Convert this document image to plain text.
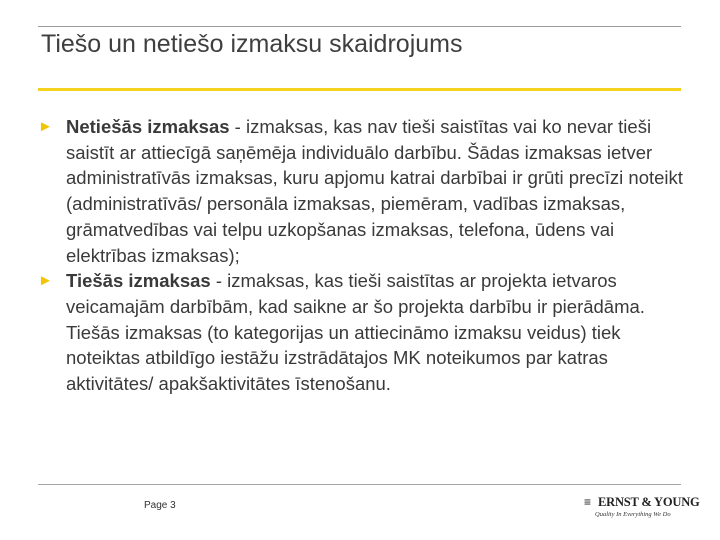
Tiešo un netiešo izmaksu skaidrojums
► Netiešās izmaksas - izmaksas, kas nav tieši saistītas vai ko nevar tieši saistīt ar attiecīgā saņēmēja individuālo darbību. Šādas izmaksas ietver administratīvās izmaksas, kuru apjomu katrai darbībai ir grūti precīzi noteikt (administratīvās/ personāla izmaksas, piemēram, vadības izmaksas, grāmatvedības vai telpu uzkopšanas izmaksas, telefona, ūdens vai elektrības izmaksas);
► Tiešās izmaksas - izmaksas, kas tieši saistītas ar projekta ietvaros veicamajām darbībām, kad saikne ar šo projekta darbību ir pierādāma. Tiešās izmaksas (to kategorijas un attiecināmo izmaksu veidus) tiek noteiktas atbildīgo iestāžu izstrādātajos MK noteikumos par katras aktivitātes/ apakšaktivitātes īstenošanu.
Page 3	≡ ERNST & YOUNG
Quality In Everything We Do
